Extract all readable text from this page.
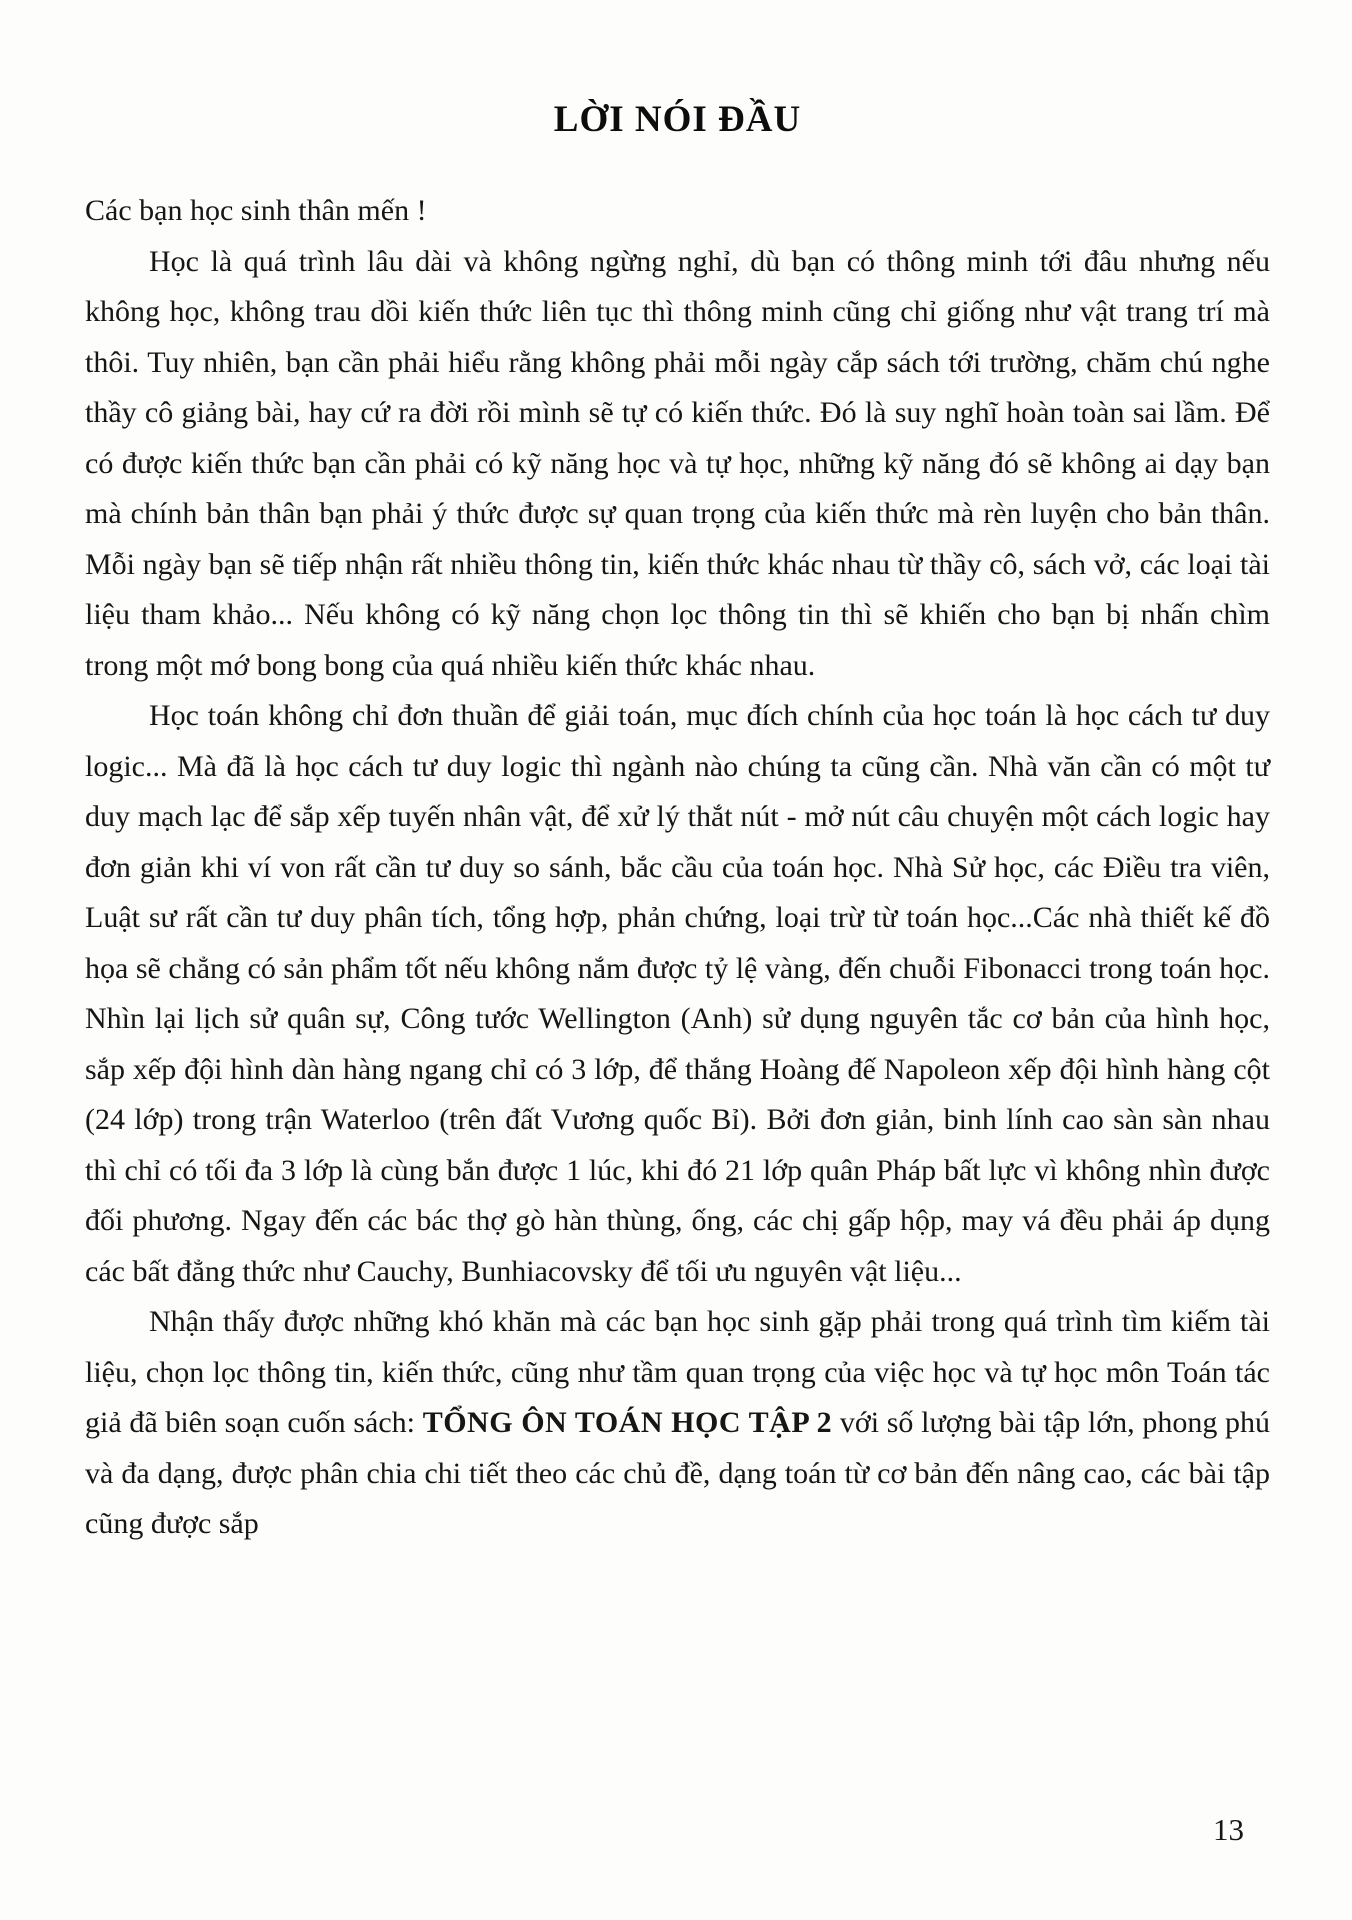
LỜI NÓI ĐẦU

Các bạn học sinh thân mến !

Học là quá trình lâu dài và không ngừng nghỉ, dù bạn có thông minh tới đâu nhưng nếu không học, không trau dồi kiến thức liên tục thì thông minh cũng chỉ giống như vật trang trí mà thôi. Tuy nhiên, bạn cần phải hiểu rằng không phải mỗi ngày cắp sách tới trường, chăm chú nghe thầy cô giảng bài, hay cứ ra đời rồi mình sẽ tự có kiến thức. Đó là suy nghĩ hoàn toàn sai lầm. Để có được kiến thức bạn cần phải có kỹ năng học và tự học, những kỹ năng đó sẽ không ai dạy bạn mà chính bản thân bạn phải ý thức được sự quan trọng của kiến thức mà rèn luyện cho bản thân. Mỗi ngày bạn sẽ tiếp nhận rất nhiều thông tin, kiến thức khác nhau từ thầy cô, sách vở, các loại tài liệu tham khảo... Nếu không có kỹ năng chọn lọc thông tin thì sẽ khiến cho bạn bị nhấn chìm trong một mớ bong bong của quá nhiều kiến thức khác nhau.

Học toán không chỉ đơn thuần để giải toán, mục đích chính của học toán là học cách tư duy logic... Mà đã là học cách tư duy logic thì ngành nào chúng ta cũng cần. Nhà văn cần có một tư duy mạch lạc để sắp xếp tuyến nhân vật, để xử lý thắt nút - mở nút câu chuyện một cách logic hay đơn giản khi ví von rất cần tư duy so sánh, bắc cầu của toán học. Nhà Sử học, các Điều tra viên, Luật sư rất cần tư duy phân tích, tổng hợp, phản chứng, loại trừ từ toán học...Các nhà thiết kế đồ họa sẽ chẳng có sản phẩm tốt nếu không nắm được tỷ lệ vàng, đến chuỗi Fibonacci trong toán học. Nhìn lại lịch sử quân sự, Công tước Wellington (Anh) sử dụng nguyên tắc cơ bản của hình học, sắp xếp đội hình dàn hàng ngang chỉ có 3 lớp, để thắng Hoàng đế Napoleon xếp đội hình hàng cột (24 lớp) trong trận Waterloo (trên đất Vương quốc Bỉ). Bởi đơn giản, binh lính cao sàn sàn nhau thì chỉ có tối đa 3 lớp là cùng bắn được 1 lúc, khi đó 21 lớp quân Pháp bất lực vì không nhìn được đối phương. Ngay đến các bác thợ gò hàn thùng, ống, các chị gấp hộp, may vá đều phải áp dụng các bất đẳng thức như Cauchy, Bunhiacovsky để tối ưu nguyên vật liệu...

Nhận thấy được những khó khăn mà các bạn học sinh gặp phải trong quá trình tìm kiếm tài liệu, chọn lọc thông tin, kiến thức, cũng như tầm quan trọng của việc học và tự học môn Toán tác giả đã biên soạn cuốn sách: TỔNG ÔN TOÁN HỌC TẬP 2 với số lượng bài tập lớn, phong phú và đa dạng, được phân chia chi tiết theo các chủ đề, dạng toán từ cơ bản đến nâng cao, các bài tập cũng được sắp

13
